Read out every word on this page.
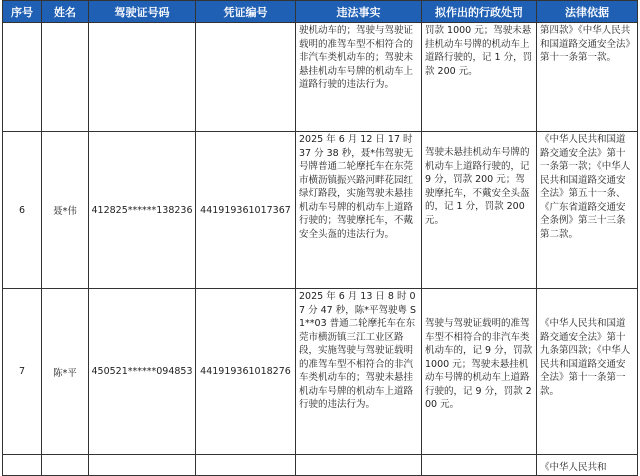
序号	姓名	驾驶证号码	凭证编号	违法事实	拟作出的行政处罚	法律依据
				驶机动车的；驾驶与驾驶证载明的准驾车型不相符合的非汽车类机动车的；驾驶未悬挂机动车号牌的机动车上道路行驶的违法行为。	罚款 1000 元；驾驶未悬挂机动车号牌的机动车上道路行驶的，记 1 分，罚款 200 元。	第四款》《中华人民共和国道路交通安全法》第十一条第一款。
6	聂*伟	412825******138236	441919361017367	2025 年 6 月 12 日 17 时 37 分 38 秒，聂*伟驾驶无号牌普通二轮摩托车在东莞市横沥镇振兴路河畔花园红绿灯路段，实施驾驶未悬挂机动车号牌的机动车上道路行驶的；驾驶摩托车，不戴安全头盔的违法行为。	驾驶未悬挂机动车号牌的机动车上道路行驶的，记 9 分，罚款 200 元；驾驶摩托车，不戴安全头盔的，记 1 分，罚款 200 元。	《中华人民共和国道路交通安全法》第十一条第一款；《中华人民共和国道路交通安全法》第五十一条、《广东省道路交通安全条例》第三十三条第二款。
7	陈*平	450521******094853	441919361018276	2025 年 6 月 13 日 8 时 07 分 47 秒，陈*平驾驶粤 S1**03 普通二轮摩托车在东莞市横沥镇三江工业区路段，实施驾驶与驾驶证载明的准驾车型不相符合的非汽车类机动车的；驾驶未悬挂机动车号牌的机动车上道路行驶的违法行为。	驾驶与驾驶证载明的准驾车型不相符合的非汽车类机动车的，记 9 分，罚款 1000 元；驾驶未悬挂机动车号牌的机动车上道路行驶的，记 9 分，罚款 200 元。	《中华人民共和国道路交通安全法》第十九条第四款；《中华人民共和国道路交通安全法》第十一条第一款。
						《中华人民共和
